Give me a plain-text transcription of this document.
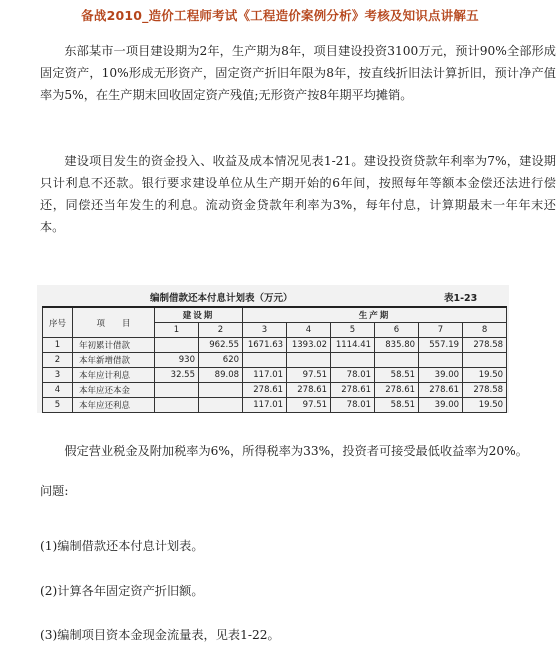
备战2010_造价工程师考试《工程造价案例分析》考核及知识点讲解五

东部某市一项目建设期为2年，生产期为8年，项目建设投资3100万元，预计90%全部形成固定资产，10%形成无形资产，固定资产折旧年限为8年，按直线折旧法计算折旧，预计净产值率为5%，在生产期末回收固定资产残值;无形资产按8年期平均摊销。

建设项目发生的资金投入、收益及成本情况见表1-21。建设投资贷款年利率为7%，建设期只计利息不还款。银行要求建设单位从生产期开始的6年间，按照每年等额本金偿还法进行偿还，同偿还当年发生的利息。流动资金贷款年利率为3%，每年付息，计算期最末一年年末还本。

编制借款还本付息计划表（万元）	表1-23
序号	项　　目	建设期		生产期					
		1	2	3	4	5	6	7	8
1	年初累计借款		962.55	1671.63	1393.02	1114.41	835.80	557.19	278.58
2	本年新增借款	930	620						
3	本年应计利息	32.55	89.08	117.01	97.51	78.01	58.51	39.00	19.50
4	本年应还本金			278.61	278.61	278.61	278.61	278.61	278.58
5	本年应还利息			117.01	97.51	78.01	58.51	39.00	19.50

假定营业税金及附加税率为6%，所得税率为33%，投资者可接受最低收益率为20%。

问题:

(1)编制借款还本付息计划表。

(2)计算各年固定资产折旧额。

(3)编制项目资本金现金流量表，见表1-22。
